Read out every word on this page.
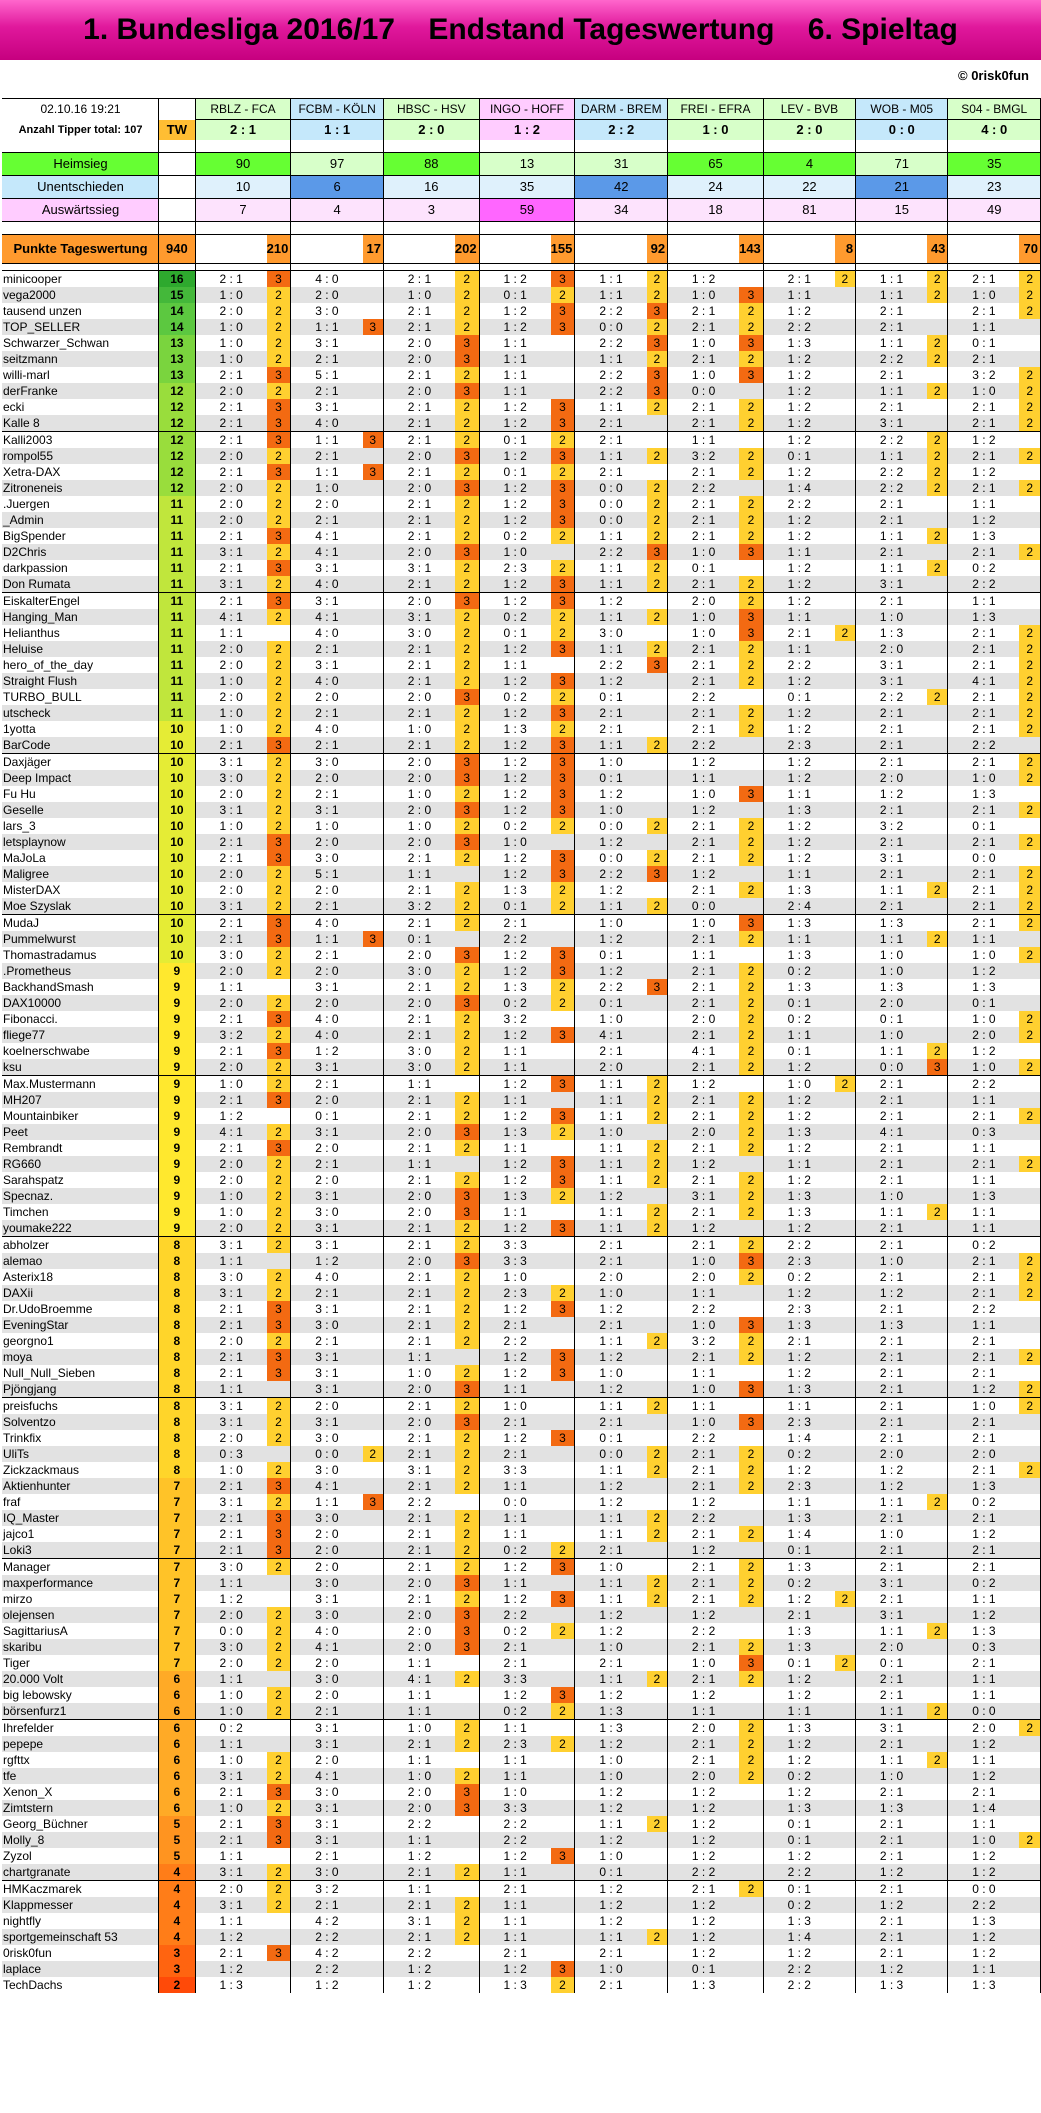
1. Bundesliga 2016/17    Endstand Tageswertung    6. Spieltag
© 0risk0fun
02.10.16 19:21		RBLZ - FCA		FCBM - KÖLN		HBSC - HSV		INGO - HOFF		DARM - BREM		FREI - EFRA		LEV - BVB		WOB - M05		S04 - BMGL	
Anzahl Tipper total: 107	TW	2 : 1		1 : 1		2 : 0		1 : 2		2 : 2		1 : 0		2 : 0		0 : 0		4 : 0	

Heimsieg		90		97		88		13		31		65		4		71		35	
Unentschieden		10		6		16		35		42		24		22		21		23	
Auswärtssieg		7		4		3		59		34		18		81		15		49	

Punkte Tageswertung	940		210		17		202		155		92		143		8		43		70

minicooper	16	2 : 1	3	4 : 0		2 : 1	2	1 : 2	3	1 : 1	2	1 : 2		2 : 1	2	1 : 1	2	2 : 1	2
vega2000	15	1 : 0	2	2 : 0		1 : 0	2	0 : 1	2	1 : 1	2	1 : 0	3	1 : 1		1 : 1	2	1 : 0	2
tausend unzen	14	2 : 0	2	3 : 0		2 : 1	2	1 : 2	3	2 : 2	3	2 : 1	2	1 : 2		2 : 1		2 : 1	2
TOP_SELLER	14	1 : 0	2	1 : 1	3	2 : 1	2	1 : 2	3	0 : 0	2	2 : 1	2	2 : 2		2 : 1		1 : 1	
Schwarzer_Schwan	13	1 : 0	2	3 : 1		2 : 0	3	1 : 1		2 : 2	3	1 : 0	3	1 : 3		1 : 1	2	0 : 1	
seitzmann	13	1 : 0	2	2 : 1		2 : 0	3	1 : 1		1 : 1	2	2 : 1	2	1 : 2		2 : 2	2	2 : 1	
willi-marl	13	2 : 1	3	5 : 1		2 : 1	2	1 : 1		2 : 2	3	1 : 0	3	1 : 2		2 : 1		3 : 2	2
derFranke	12	2 : 0	2	2 : 1		2 : 0	3	1 : 1		2 : 2	3	0 : 0		1 : 2		1 : 1	2	1 : 0	2
ecki	12	2 : 1	3	3 : 1		2 : 1	2	1 : 2	3	1 : 1	2	2 : 1	2	1 : 2		2 : 1		2 : 1	2
Kalle 8	12	2 : 1	3	4 : 0		2 : 1	2	1 : 2	3	2 : 1		2 : 1	2	1 : 2		3 : 1		2 : 1	2
Kalli2003	12	2 : 1	3	1 : 1	3	2 : 1	2	0 : 1	2	2 : 1		1 : 1		1 : 2		2 : 2	2	1 : 2	
rompol55	12	2 : 0	2	2 : 1		2 : 0	3	1 : 2	3	1 : 1	2	3 : 2	2	0 : 1		1 : 1	2	2 : 1	2
Xetra-DAX	12	2 : 1	3	1 : 1	3	2 : 1	2	0 : 1	2	2 : 1		2 : 1	2	1 : 2		2 : 2	2	1 : 2	
Zitroneneis	12	2 : 0	2	1 : 0		2 : 0	3	1 : 2	3	0 : 0	2	2 : 2		1 : 4		2 : 2	2	2 : 1	2
.Juergen	11	2 : 0	2	2 : 0		2 : 1	2	1 : 2	3	0 : 0	2	2 : 1	2	2 : 2		2 : 1		1 : 1	
_Admin	11	2 : 0	2	2 : 1		2 : 1	2	1 : 2	3	0 : 0	2	2 : 1	2	1 : 2		2 : 1		1 : 2	
BigSpender	11	2 : 1	3	4 : 1		2 : 1	2	0 : 2	2	1 : 1	2	2 : 1	2	1 : 2		1 : 1	2	1 : 3	
D2Chris	11	3 : 1	2	4 : 1		2 : 0	3	1 : 0		2 : 2	3	1 : 0	3	1 : 1		2 : 1		2 : 1	2
darkpassion	11	2 : 1	3	3 : 1		3 : 1	2	2 : 3	2	1 : 1	2	0 : 1		1 : 2		1 : 1	2	0 : 2	
Don Rumata	11	3 : 1	2	4 : 0		2 : 1	2	1 : 2	3	1 : 1	2	2 : 1	2	1 : 2		3 : 1		2 : 2	
EiskalterEngel	11	2 : 1	3	3 : 1		2 : 0	3	1 : 2	3	1 : 2		2 : 0	2	1 : 2		2 : 1		1 : 1	
Hanging_Man	11	4 : 1	2	4 : 1		3 : 1	2	0 : 2	2	1 : 1	2	1 : 0	3	1 : 1		1 : 0		1 : 3	
Helianthus	11	1 : 1		4 : 0		3 : 0	2	0 : 1	2	3 : 0		1 : 0	3	2 : 1	2	1 : 3		2 : 1	2
Heluise	11	2 : 0	2	2 : 1		2 : 1	2	1 : 2	3	1 : 1	2	2 : 1	2	1 : 1		2 : 0		2 : 1	2
hero_of_the_day	11	2 : 0	2	3 : 1		2 : 1	2	1 : 1		2 : 2	3	2 : 1	2	2 : 2		3 : 1		2 : 1	2
Straight Flush	11	1 : 0	2	4 : 0		2 : 1	2	1 : 2	3	1 : 2		2 : 1	2	1 : 2		3 : 1		4 : 1	2
TURBO_BULL	11	2 : 0	2	2 : 0		2 : 0	3	0 : 2	2	0 : 1		2 : 2		0 : 1		2 : 2	2	2 : 1	2
utscheck	11	1 : 0	2	2 : 1		2 : 1	2	1 : 2	3	2 : 1		2 : 1	2	1 : 2		2 : 1		2 : 1	2
1yotta	10	1 : 0	2	4 : 0		1 : 0	2	1 : 3	2	2 : 1		2 : 1	2	1 : 2		2 : 1		2 : 1	2
BarCode	10	2 : 1	3	2 : 1		2 : 1	2	1 : 2	3	1 : 1	2	2 : 2		2 : 3		2 : 1		2 : 2	
Daxjäger	10	3 : 1	2	3 : 0		2 : 0	3	1 : 2	3	1 : 0		1 : 2		1 : 2		2 : 1		2 : 1	2
Deep Impact	10	3 : 0	2	2 : 0		2 : 0	3	1 : 2	3	0 : 1		1 : 1		1 : 2		2 : 0		1 : 0	2
Fu Hu	10	2 : 0	2	2 : 1		1 : 0	2	1 : 2	3	1 : 2		1 : 0	3	1 : 1		1 : 2		1 : 3	
Geselle	10	3 : 1	2	3 : 1		2 : 0	3	1 : 2	3	1 : 0		1 : 2		1 : 3		2 : 1		2 : 1	2
lars_3	10	1 : 0	2	1 : 0		1 : 0	2	0 : 2	2	0 : 0	2	2 : 1	2	1 : 2		3 : 2		0 : 1	
letsplaynow	10	2 : 1	3	2 : 0		2 : 0	3	1 : 0		1 : 2		2 : 1	2	1 : 2		2 : 1		2 : 1	2
MaJoLa	10	2 : 1	3	3 : 0		2 : 1	2	1 : 2	3	0 : 0	2	2 : 1	2	1 : 2		3 : 1		0 : 0	
Maligree	10	2 : 0	2	5 : 1		1 : 1		1 : 2	3	2 : 2	3	1 : 2		1 : 1		2 : 1		2 : 1	2
MisterDAX	10	2 : 0	2	2 : 0		2 : 1	2	1 : 3	2	1 : 2		2 : 1	2	1 : 3		1 : 1	2	2 : 1	2
Moe Szyslak	10	3 : 1	2	2 : 1		3 : 2	2	0 : 1	2	1 : 1	2	0 : 0		2 : 4		2 : 1		2 : 1	2
MudaJ	10	2 : 1	3	4 : 0		2 : 1	2	2 : 1		1 : 0		1 : 0	3	1 : 3		1 : 3		2 : 1	2
Pummelwurst	10	2 : 1	3	1 : 1	3	0 : 1		2 : 2		1 : 2		2 : 1	2	1 : 1		1 : 1	2	1 : 1	
Thomastradamus	10	3 : 0	2	2 : 1		2 : 0	3	1 : 2	3	0 : 1		1 : 1		1 : 3		1 : 0		1 : 0	2
.Prometheus	9	2 : 0	2	2 : 0		3 : 0	2	1 : 2	3	1 : 2		2 : 1	2	0 : 2		1 : 0		1 : 2	
BackhandSmash	9	1 : 1		3 : 1		2 : 1	2	1 : 3	2	2 : 2	3	2 : 1	2	1 : 3		1 : 3		1 : 3	
DAX10000	9	2 : 0	2	2 : 0		2 : 0	3	0 : 2	2	0 : 1		2 : 1	2	0 : 1		2 : 0		0 : 1	
Fibonacci.	9	2 : 1	3	4 : 0		2 : 1	2	3 : 2		1 : 0		2 : 0	2	0 : 2		0 : 1		1 : 0	2
fliege77	9	3 : 2	2	4 : 0		2 : 1	2	1 : 2	3	4 : 1		2 : 1	2	1 : 1		1 : 0		2 : 0	2
koelnerschwabe	9	2 : 1	3	1 : 2		3 : 0	2	1 : 1		2 : 1		4 : 1	2	0 : 1		1 : 1	2	1 : 2	
ksu	9	2 : 0	2	3 : 1		3 : 0	2	1 : 1		2 : 0		2 : 1	2	1 : 2		0 : 0	3	1 : 0	2
Max.Mustermann	9	1 : 0	2	2 : 1		1 : 1		1 : 2	3	1 : 1	2	1 : 2		1 : 0	2	2 : 1		2 : 2	
MH207	9	2 : 1	3	2 : 0		2 : 1	2	1 : 1		1 : 1	2	2 : 1	2	1 : 2		2 : 1		1 : 1	
Mountainbiker	9	1 : 2		0 : 1		2 : 1	2	1 : 2	3	1 : 1	2	2 : 1	2	1 : 2		2 : 1		2 : 1	2
Peet	9	4 : 1	2	3 : 1		2 : 0	3	1 : 3	2	1 : 0		2 : 0	2	1 : 3		4 : 1		0 : 3	
Rembrandt	9	2 : 1	3	2 : 0		2 : 1	2	1 : 1		1 : 1	2	2 : 1	2	1 : 2		2 : 1		1 : 1	
RG660	9	2 : 0	2	2 : 1		1 : 1		1 : 2	3	1 : 1	2	1 : 2		1 : 1		2 : 1		2 : 1	2
Sarahspatz	9	2 : 0	2	2 : 0		2 : 1	2	1 : 2	3	1 : 1	2	2 : 1	2	1 : 2		2 : 1		1 : 1	
Specnaz.	9	1 : 0	2	3 : 1		2 : 0	3	1 : 3	2	1 : 2		3 : 1	2	1 : 3		1 : 0		1 : 3	
Timchen	9	1 : 0	2	3 : 0		2 : 0	3	1 : 1		1 : 1	2	2 : 1	2	1 : 3		1 : 1	2	1 : 1	
youmake222	9	2 : 0	2	3 : 1		2 : 1	2	1 : 2	3	1 : 1	2	1 : 2		1 : 2		2 : 1		1 : 1	
abholzer	8	3 : 1	2	3 : 1		2 : 1	2	3 : 3		2 : 1		2 : 1	2	2 : 2		2 : 1		0 : 2	
alemao	8	1 : 1		1 : 2		2 : 0	3	3 : 3		2 : 1		1 : 0	3	2 : 3		1 : 0		2 : 1	2
Asterix18	8	3 : 0	2	4 : 0		2 : 1	2	1 : 0		2 : 0		2 : 0	2	0 : 2		2 : 1		2 : 1	2
DAXii	8	3 : 1	2	2 : 1		2 : 1	2	2 : 3	2	1 : 0		1 : 1		1 : 2		1 : 2		2 : 1	2
Dr.UdoBroemme	8	2 : 1	3	3 : 1		2 : 1	2	1 : 2	3	1 : 2		2 : 2		2 : 3		2 : 1		2 : 2	
EveningStar	8	2 : 1	3	3 : 0		2 : 1	2	2 : 1		2 : 1		1 : 0	3	1 : 3		1 : 3		1 : 1	
georgno1	8	2 : 0	2	2 : 1		2 : 1	2	2 : 2		1 : 1	2	3 : 2	2	2 : 1		2 : 1		2 : 1	
moya	8	2 : 1	3	3 : 1		1 : 1		1 : 2	3	1 : 2		2 : 1	2	1 : 2		2 : 1		2 : 1	2
Null_Null_Sieben	8	2 : 1	3	3 : 1		1 : 0	2	1 : 2	3	1 : 0		1 : 1		1 : 2		2 : 1		2 : 1	
Pjöngjang	8	1 : 1		3 : 1		2 : 0	3	1 : 1		1 : 2		1 : 0	3	1 : 3		2 : 1		1 : 2	2
preisfuchs	8	3 : 1	2	2 : 0		2 : 1	2	1 : 0		1 : 1	2	1 : 1		1 : 1		2 : 1		1 : 0	2
Solventzo	8	3 : 1	2	3 : 1		2 : 0	3	2 : 1		2 : 1		1 : 0	3	2 : 3		2 : 1		2 : 1	
Trinkfix	8	2 : 0	2	3 : 0		2 : 1	2	1 : 2	3	0 : 1		2 : 2		1 : 4		2 : 1		2 : 1	
UliTs	8	0 : 3		0 : 0	2	2 : 1	2	2 : 1		0 : 0	2	2 : 1	2	0 : 2		2 : 0		2 : 0	
Zickzackmaus	8	1 : 0	2	3 : 0		3 : 1	2	3 : 3		1 : 1	2	2 : 1	2	1 : 2		1 : 2		2 : 1	2
Aktienhunter	7	2 : 1	3	4 : 1		2 : 1	2	1 : 1		1 : 2		2 : 1	2	2 : 3		1 : 2		1 : 3	
fraf	7	3 : 1	2	1 : 1	3	2 : 2		0 : 0		1 : 2		1 : 2		1 : 1		1 : 1	2	0 : 2	
IQ_Master	7	2 : 1	3	3 : 0		2 : 1	2	1 : 1		1 : 1	2	2 : 2		1 : 3		2 : 1		2 : 1	
jajco1	7	2 : 1	3	2 : 0		2 : 1	2	1 : 1		1 : 1	2	2 : 1	2	1 : 4		1 : 0		1 : 2	
Loki3	7	2 : 1	3	2 : 0		2 : 1	2	0 : 2	2	2 : 1		1 : 2		0 : 1		2 : 1		2 : 1	
Manager	7	3 : 0	2	2 : 0		2 : 1	2	1 : 2	3	1 : 0		2 : 1	2	1 : 3		2 : 1		2 : 1	
maxperformance	7	1 : 1		3 : 0		2 : 0	3	1 : 1		1 : 1	2	2 : 1	2	0 : 2		3 : 1		0 : 2	
mirzo	7	1 : 2		3 : 1		2 : 1	2	1 : 2	3	1 : 1	2	2 : 1	2	1 : 2	2	2 : 1		1 : 1	
olejensen	7	2 : 0	2	3 : 0		2 : 0	3	2 : 2		1 : 2		1 : 2		2 : 1		3 : 1		1 : 2	
SagittariusA	7	0 : 0	2	4 : 0		2 : 0	3	0 : 2	2	1 : 2		2 : 2		1 : 3		1 : 1	2	1 : 3	
skaribu	7	3 : 0	2	4 : 1		2 : 0	3	2 : 1		1 : 0		2 : 1	2	1 : 3		2 : 0		0 : 3	
Tiger	7	2 : 0	2	2 : 0		1 : 1		2 : 1		2 : 1		1 : 0	3	0 : 1	2	0 : 1		2 : 1	
20.000 Volt	6	1 : 1		3 : 0		4 : 1	2	3 : 3		1 : 1	2	2 : 1	2	1 : 2		2 : 1		1 : 1	
big lebowsky	6	1 : 0	2	2 : 0		1 : 1		1 : 2	3	1 : 2		1 : 2		1 : 2		2 : 1		1 : 1	
börsenfurz1	6	1 : 0	2	2 : 1		1 : 1		0 : 2	2	1 : 3		1 : 1		1 : 1		1 : 1	2	0 : 0	
Ihrefelder	6	0 : 2		3 : 1		1 : 0	2	1 : 1		1 : 3		2 : 0	2	1 : 3		3 : 1		2 : 0	2
pepepe	6	1 : 1		3 : 1		2 : 1	2	2 : 3	2	1 : 2		2 : 1	2	1 : 2		2 : 1		1 : 2	
rgfttx	6	1 : 0	2	2 : 0		1 : 1		1 : 1		1 : 0		2 : 1	2	1 : 2		1 : 1	2	1 : 1	
tfe	6	3 : 1	2	4 : 1		1 : 0	2	1 : 1		1 : 0		2 : 0	2	0 : 2		1 : 0		1 : 2	
Xenon_X	6	2 : 1	3	3 : 0		2 : 0	3	1 : 0		1 : 2		1 : 2		1 : 2		2 : 1		2 : 1	
Zimtstern	6	1 : 0	2	3 : 1		2 : 0	3	3 : 3		1 : 2		1 : 2		1 : 3		1 : 3		1 : 4	
Georg_Büchner	5	2 : 1	3	3 : 1		2 : 2		2 : 2		1 : 1	2	1 : 2		0 : 1		2 : 1		1 : 1	
Molly_8	5	2 : 1	3	3 : 1		1 : 1		2 : 2		1 : 2		1 : 2		0 : 1		2 : 1		1 : 0	2
Zyzol	5	1 : 1		2 : 1		1 : 2		1 : 2	3	1 : 0		1 : 2		1 : 2		2 : 1		1 : 2	
chartgranate	4	3 : 1	2	3 : 0		2 : 1	2	1 : 1		0 : 1		2 : 2		2 : 2		1 : 2		1 : 2	
HMKaczmarek	4	2 : 0	2	3 : 2		1 : 1		2 : 1		1 : 2		2 : 1	2	0 : 1		2 : 1		0 : 0	
Klappmesser	4	3 : 1	2	2 : 1		2 : 1	2	1 : 1		1 : 2		1 : 2		0 : 2		1 : 2		2 : 2	
nightfly	4	1 : 1		4 : 2		3 : 1	2	1 : 1		1 : 2		1 : 2		1 : 3		2 : 1		1 : 3	
sportgemeinschaft 53	4	1 : 2		2 : 2		2 : 1	2	1 : 1		1 : 1	2	1 : 2		1 : 4		2 : 1		1 : 2	
0risk0fun	3	2 : 1	3	4 : 2		2 : 2		2 : 1		2 : 1		1 : 2		1 : 2		2 : 1		1 : 2	
laplace	3	1 : 2		2 : 2		1 : 2		1 : 2	3	1 : 0		0 : 1		2 : 2		1 : 2		1 : 1	
TechDachs	2	1 : 3		1 : 2		1 : 2		1 : 3	2	2 : 1		1 : 3		2 : 2		1 : 3		1 : 3	
